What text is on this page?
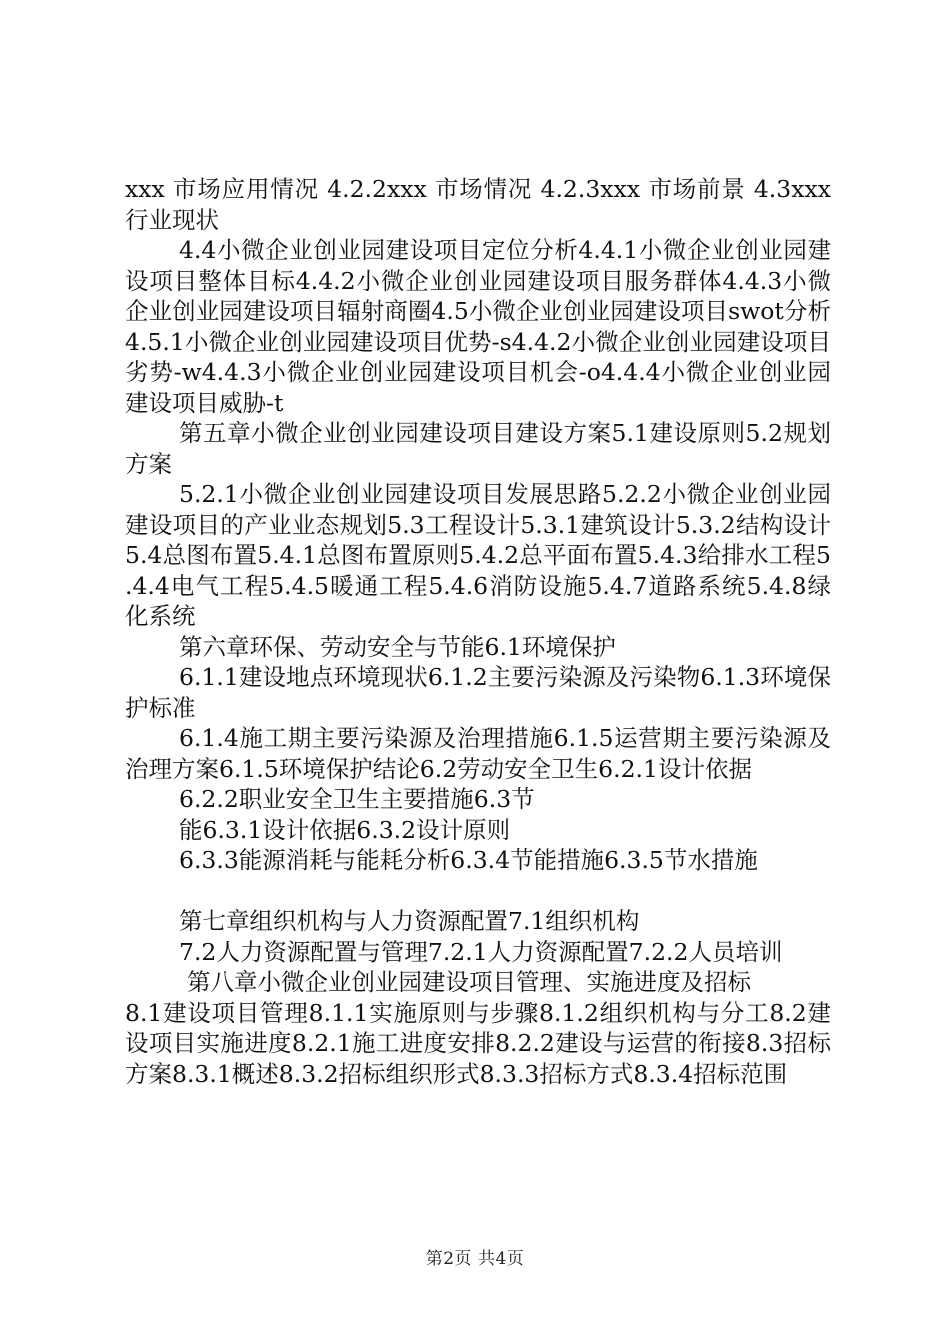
xxx 市场应用情况 4.2.2xxx 市场情况 4.2.3xxx 市场前景 4.3xxx 行业现状

4.4小微企业创业园建设项目定位分析4.4.1小微企业创业园建设项目整体目标4.4.2小微企业创业园建设项目服务群体4.4.3小微企业创业园建设项目辐射商圈4.5小微企业创业园建设项目swot分析4.5.1小微企业创业园建设项目优势-s4.4.2小微企业创业园建设项目劣势-w4.4.3小微企业创业园建设项目机会-o4.4.4小微企业创业园建设项目威胁-t

第五章小微企业创业园建设项目建设方案5.1建设原则5.2规划方案

5.2.1小微企业创业园建设项目发展思路5.2.2小微企业创业园建设项目的产业业态规划5.3工程设计5.3.1建筑设计5.3.2结构设计5.4总图布置5.4.1总图布置原则5.4.2总平面布置5.4.3给排水工程5.4.4电气工程5.4.5暖通工程5.4.6消防设施5.4.7道路系统5.4.8绿化系统

第六章环保、劳动安全与节能6.1环境保护

6.1.1建设地点环境现状6.1.2主要污染源及污染物6.1.3环境保护标准

6.1.4施工期主要污染源及治理措施6.1.5运营期主要污染源及治理方案6.1.5环境保护结论6.2劳动安全卫生6.2.1设计依据

6.2.2职业安全卫生主要措施6.3节

能6.3.1设计依据6.3.2设计原则

6.3.3能源消耗与能耗分析6.3.4节能措施6.3.5节水措施

第七章组织机构与人力资源配置7.1组织机构

7.2人力资源配置与管理7.2.1人力资源配置7.2.2人员培训

第八章小微企业创业园建设项目管理、实施进度及招标

8.1建设项目管理8.1.1实施原则与步骤8.1.2组织机构与分工8.2建设项目实施进度8.2.1施工进度安排8.2.2建设与运营的衔接8.3招标方案8.3.1概述8.3.2招标组织形式8.3.3招标方式8.3.4招标范围

第2页 共4页
